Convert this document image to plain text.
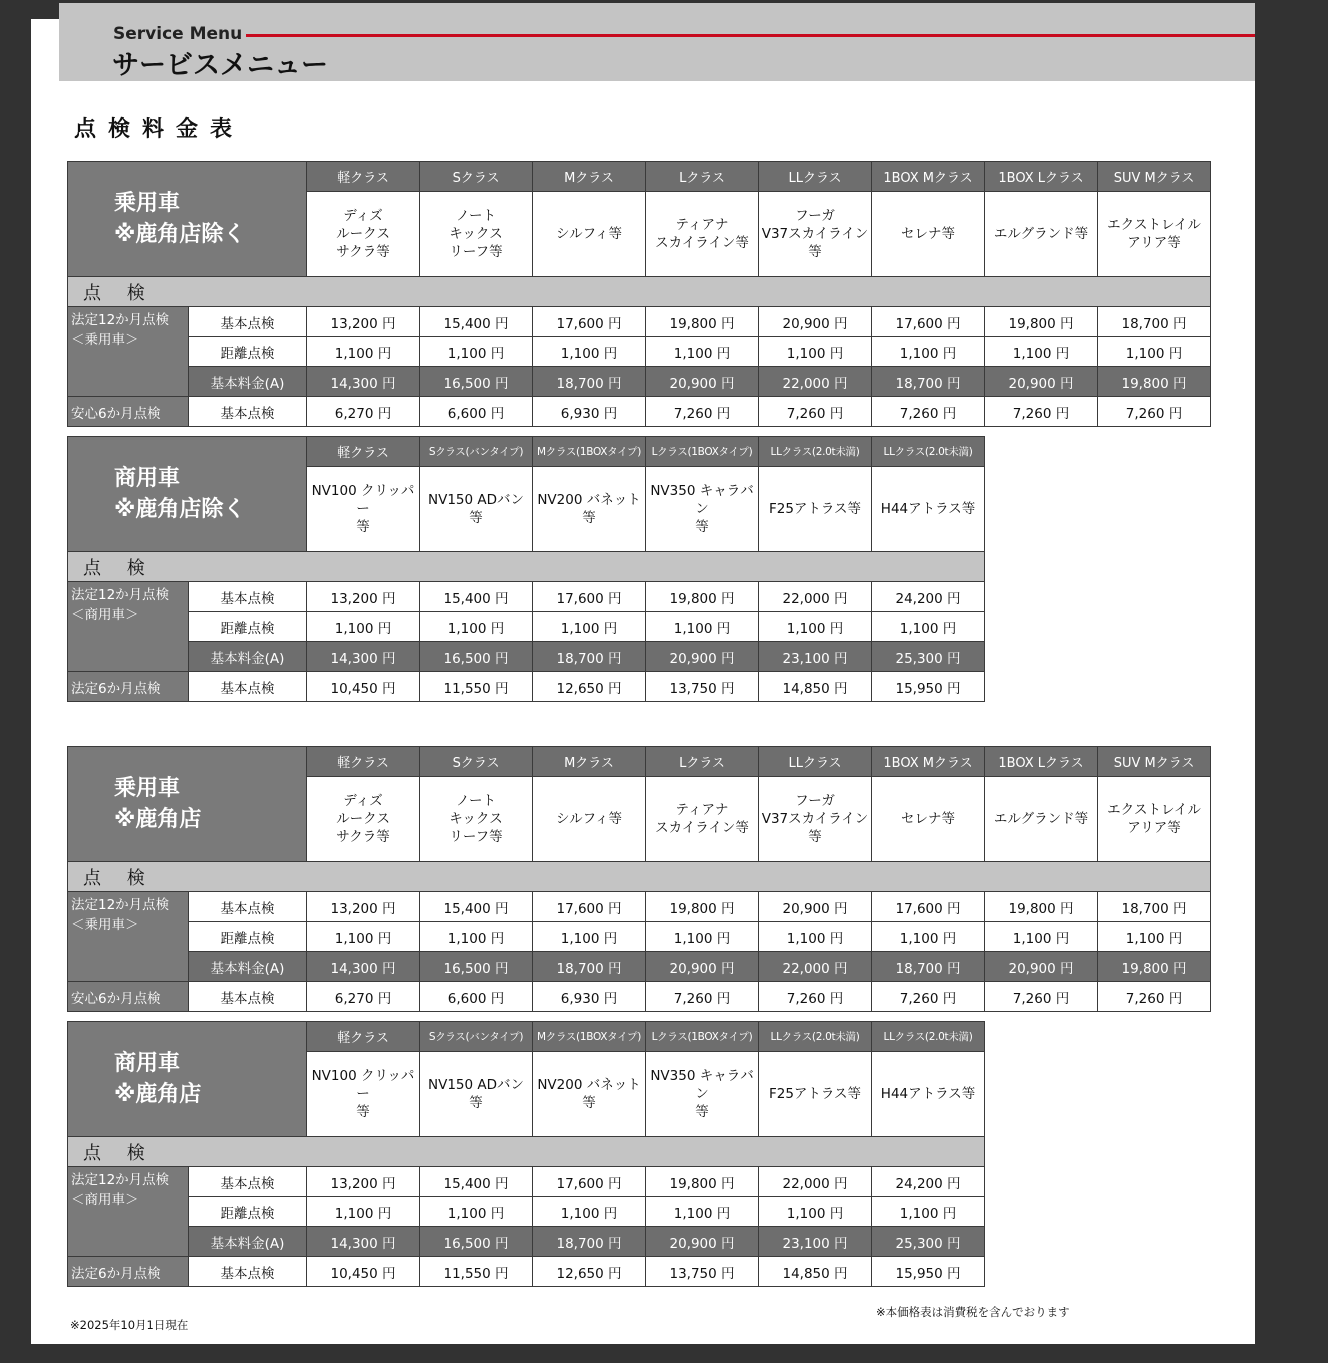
Service Menu
サービスメニュー
点検料金表
乗用車
※鹿角店除く		軽クラス	Sクラス	Mクラス	Lクラス	LLクラス	1BOX Mクラス	1BOX Lクラス	SUV Mクラス

		ディズ
ルークス
サクラ等	ノート
キックス
リーフ等	シルフィ等	ティアナ
スカイライン等	フーガ
V37スカイライン
等	セレナ等	エルグランド等	エクストレイル
アリア等

点 検									

法定12か月点検
＜乗用車＞	基本点検	13,200 円	15,400 円	17,600 円	19,800 円	20,900 円	17,600 円	19,800 円	18,700 円
	距離点検	1,100 円	1,100 円	1,100 円	1,100 円	1,100 円	1,100 円	1,100 円	1,100 円
	基本料金(A)	14,300 円	16,500 円	18,700 円	20,900 円	22,000 円	18,700 円	20,900 円	19,800 円
安心6か月点検	基本点検	6,270 円	6,600 円	6,930 円	7,260 円	7,260 円	7,260 円	7,260 円	7,260 円
商用車
※鹿角店除く		軽クラス	Sクラス(バンタイプ)	Mクラス(1BOXタイプ)	Lクラス(1BOXタイプ)	LLクラス(2.0t未満)	LLクラス(2.0t未満)

		NV100 クリッパー
等	NV150 ADバン等	NV200 バネット等	NV350 キャラバン
等	F25アトラス等	H44アトラス等

点 検							

法定12か月点検
＜商用車＞	基本点検	13,200 円	15,400 円	17,600 円	19,800 円	22,000 円	24,200 円
	距離点検	1,100 円	1,100 円	1,100 円	1,100 円	1,100 円	1,100 円
	基本料金(A)	14,300 円	16,500 円	18,700 円	20,900 円	23,100 円	25,300 円
法定6か月点検	基本点検	10,450 円	11,550 円	12,650 円	13,750 円	14,850 円	15,950 円
乗用車
※鹿角店		軽クラス	Sクラス	Mクラス	Lクラス	LLクラス	1BOX Mクラス	1BOX Lクラス	SUV Mクラス

		ディズ
ルークス
サクラ等	ノート
キックス
リーフ等	シルフィ等	ティアナ
スカイライン等	フーガ
V37スカイライン
等	セレナ等	エルグランド等	エクストレイル
アリア等

点 検									

法定12か月点検
＜乗用車＞	基本点検	13,200 円	15,400 円	17,600 円	19,800 円	20,900 円	17,600 円	19,800 円	18,700 円
	距離点検	1,100 円	1,100 円	1,100 円	1,100 円	1,100 円	1,100 円	1,100 円	1,100 円
	基本料金(A)	14,300 円	16,500 円	18,700 円	20,900 円	22,000 円	18,700 円	20,900 円	19,800 円
安心6か月点検	基本点検	6,270 円	6,600 円	6,930 円	7,260 円	7,260 円	7,260 円	7,260 円	7,260 円
商用車
※鹿角店		軽クラス	Sクラス(バンタイプ)	Mクラス(1BOXタイプ)	Lクラス(1BOXタイプ)	LLクラス(2.0t未満)	LLクラス(2.0t未満)

		NV100 クリッパー
等	NV150 ADバン等	NV200 バネット等	NV350 キャラバン
等	F25アトラス等	H44アトラス等

点 検							

法定12か月点検
＜商用車＞	基本点検	13,200 円	15,400 円	17,600 円	19,800 円	22,000 円	24,200 円
	距離点検	1,100 円	1,100 円	1,100 円	1,100 円	1,100 円	1,100 円
	基本料金(A)	14,300 円	16,500 円	18,700 円	20,900 円	23,100 円	25,300 円
法定6か月点検	基本点検	10,450 円	11,550 円	12,650 円	13,750 円	14,850 円	15,950 円
※本価格表は消費税を含んでおります
※2025年10月1日現在
